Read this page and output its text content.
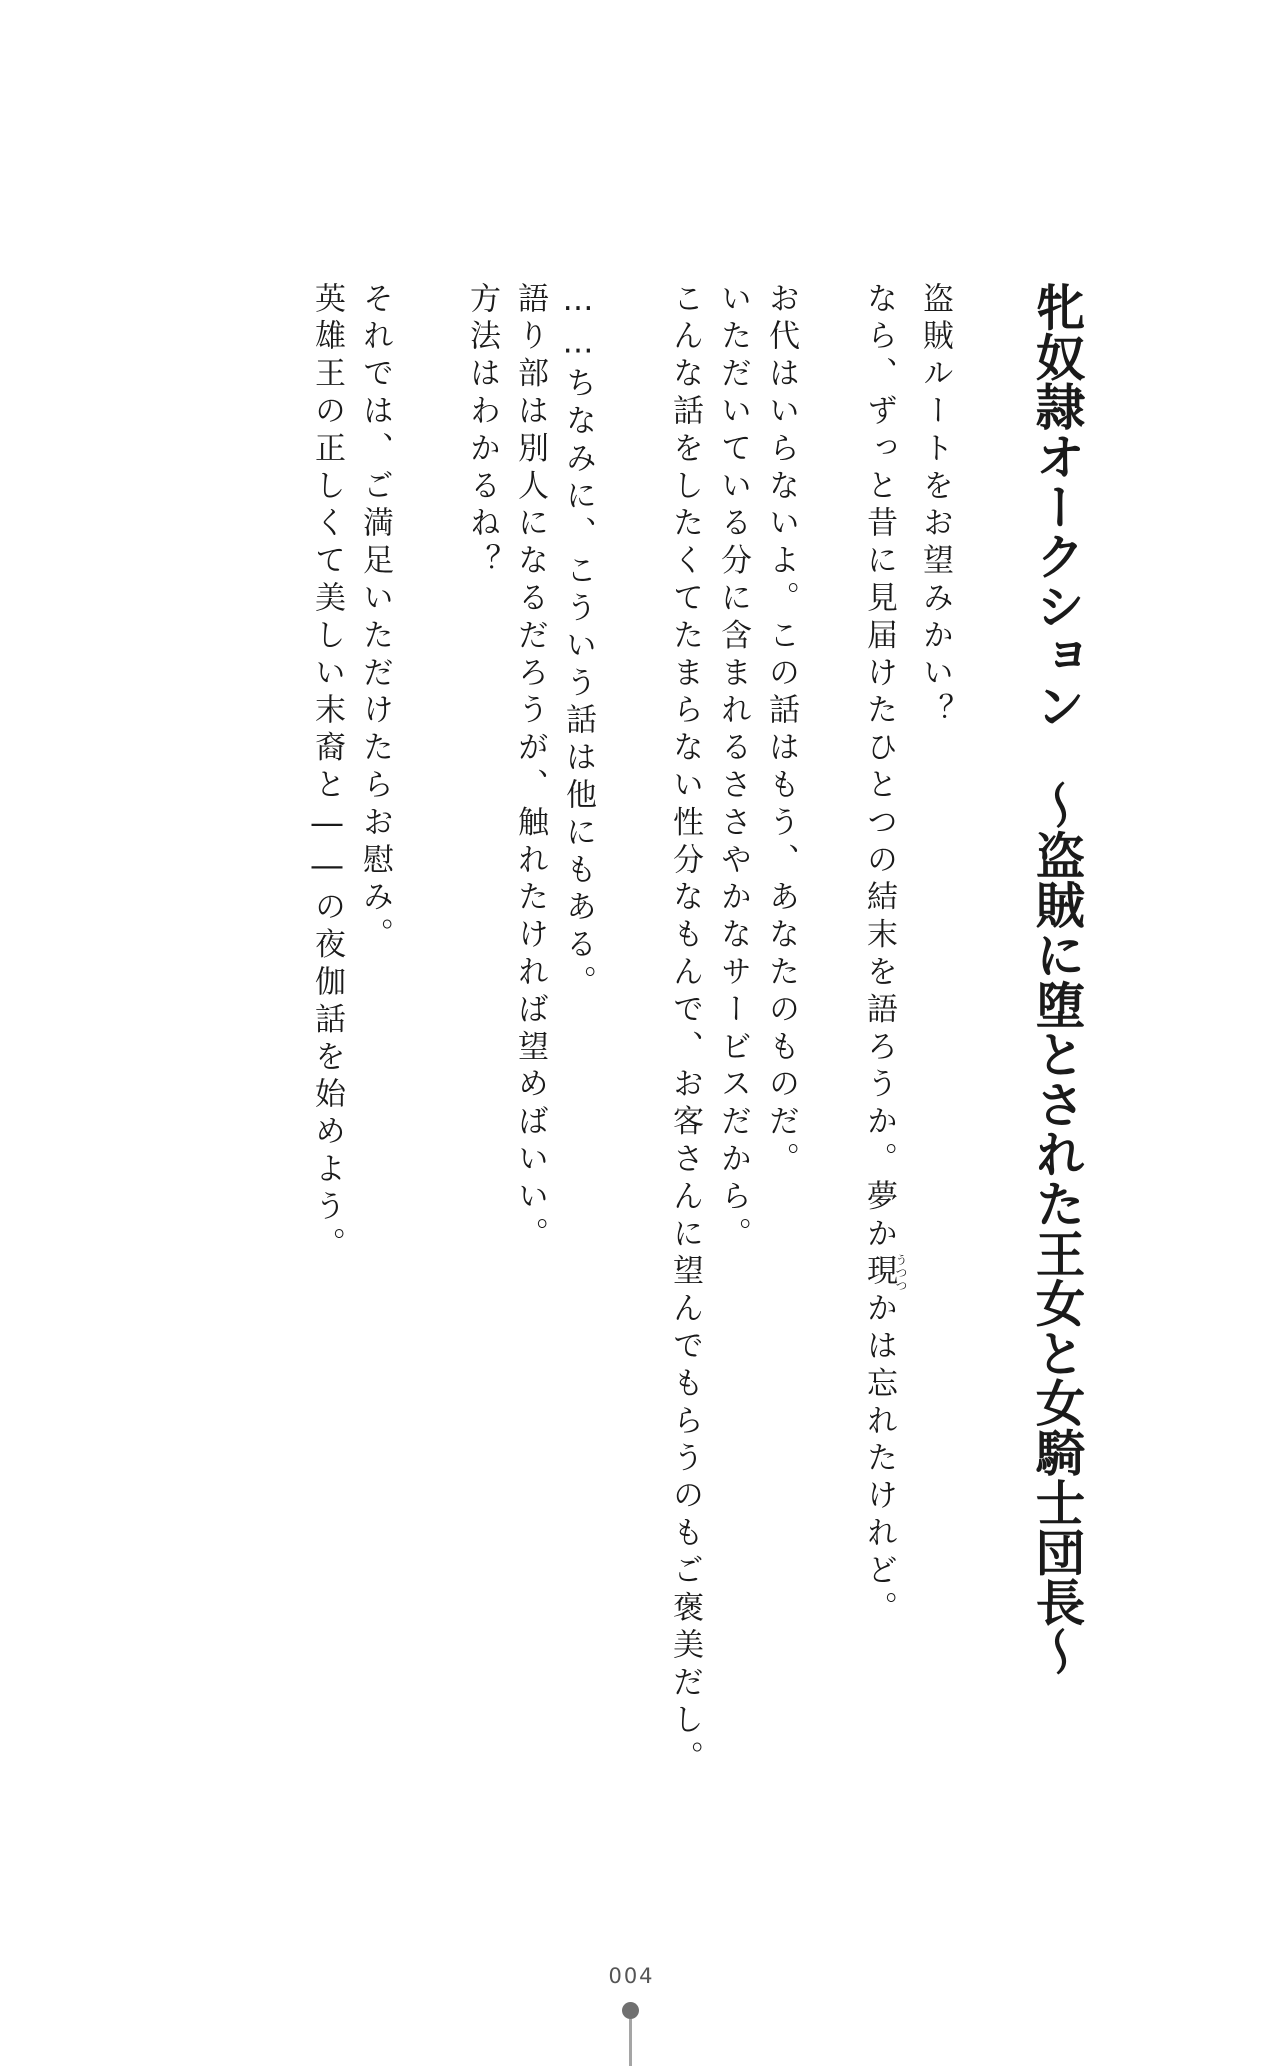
牝奴隷オークション　～盗賊に堕とされた王女と女騎士団長～

盗賊ルートをお望みかい？

なら、ずっと昔に見届けたひとつの結末を語ろうか。夢か現うつつかは忘れたけれど。

お代はいらないよ。この話はもう、あなたのものだ。

いただいている分に含まれるささやかなサービスだから。

こんな話をしたくてたまらない性分なもんで、お客さんに望んでもらうのもご褒美だし。

……ちなみに、こういう話は他にもある。

語り部は別人になるだろうが、触れたければ望めばいい。

方法はわかるね？

それでは、ご満足いただけたらお慰み。

英雄王の正しくて美しい末裔と――の夜伽話を始めよう。

004
